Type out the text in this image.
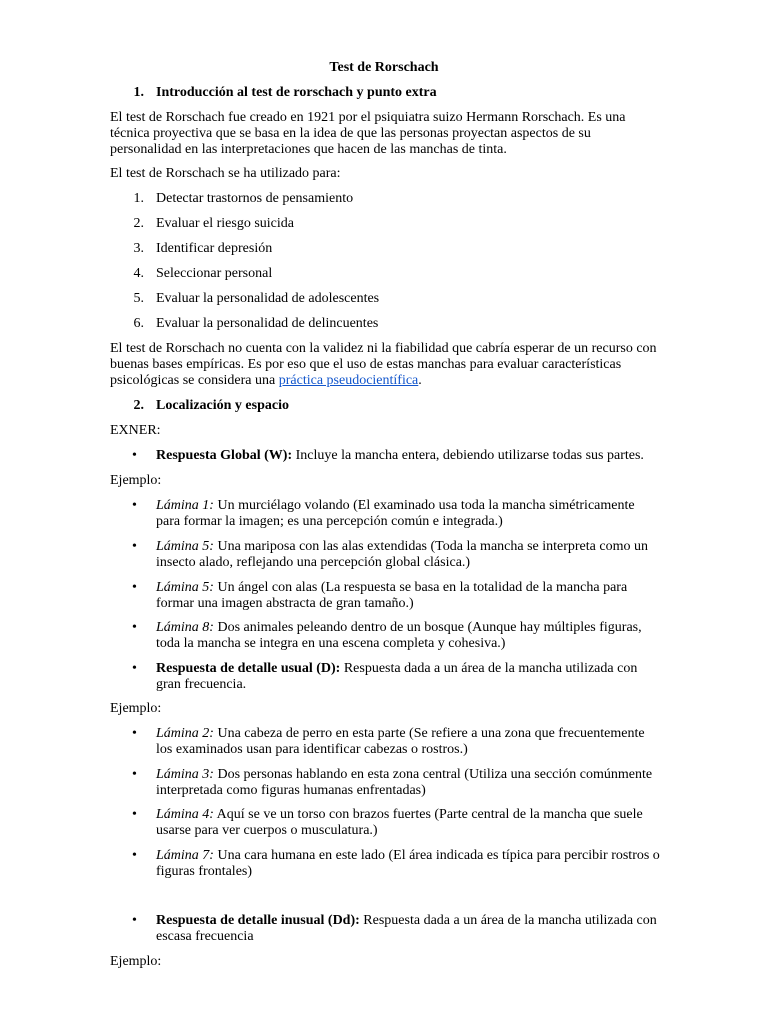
Test de Rorschach
1. Introducción al test de rorschach y punto extra
El test de Rorschach fue creado en 1921 por el psiquiatra suizo Hermann Rorschach. Es una técnica proyectiva que se basa en la idea de que las personas proyectan aspectos de su personalidad en las interpretaciones que hacen de las manchas de tinta.
El test de Rorschach se ha utilizado para:
1. Detectar trastornos de pensamiento
2. Evaluar el riesgo suicida
3. Identificar depresión
4. Seleccionar personal
5. Evaluar la personalidad de adolescentes
6. Evaluar la personalidad de delincuentes
El test de Rorschach no cuenta con la validez ni la fiabilidad que cabría esperar de un recurso con buenas bases empíricas. Es por eso que el uso de estas manchas para evaluar características psicológicas se considera una práctica pseudocientífica.
2. Localización y espacio
EXNER:
•
Respuesta Global (W): Incluye la mancha entera, debiendo utilizarse todas sus partes.
Ejemplo:
•
Lámina 1: Un murciélago volando (El examinado usa toda la mancha simétricamente para formar la imagen; es una percepción común e integrada.)
•
Lámina 5: Una mariposa con las alas extendidas (Toda la mancha se interpreta como un insecto alado, reflejando una percepción global clásica.)
•
Lámina 5: Un ángel con alas (La respuesta se basa en la totalidad de la mancha para formar una imagen abstracta de gran tamaño.)
•
Lámina 8: Dos animales peleando dentro de un bosque (Aunque hay múltiples figuras, toda la mancha se integra en una escena completa y cohesiva.)
•
Respuesta de detalle usual (D): Respuesta dada a un área de la mancha utilizada con gran frecuencia.
Ejemplo:
•
Lámina 2: Una cabeza de perro en esta parte (Se refiere a una zona que frecuentemente los examinados usan para identificar cabezas o rostros.)
•
Lámina 3: Dos personas hablando en esta zona central (Utiliza una sección comúnmente interpretada como figuras humanas enfrentadas)
•
Lámina 4: Aquí se ve un torso con brazos fuertes (Parte central de la mancha que suele usarse para ver cuerpos o musculatura.)
•
Lámina 7: Una cara humana en este lado (El área indicada es típica para percibir rostros o figuras frontales)
•
Respuesta de detalle inusual (Dd): Respuesta dada a un área de la mancha utilizada con escasa frecuencia
Ejemplo:
